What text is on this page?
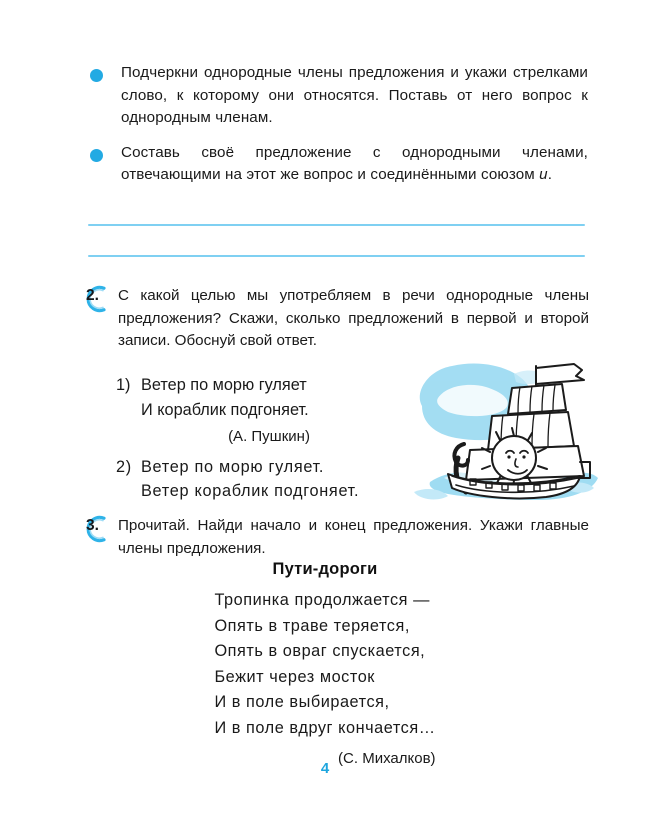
Подчеркни однородные члены предложения и укажи стрелками слово, к которому они относятся. Поставь от него вопрос к однородным членам.
Составь своё предложение с однородными членами, отвечающими на этот же вопрос и соединёнными союзом и.
2. С какой целью мы употребляем в речи однородные члены предложения? Скажи, сколько предложений в первой и второй записи. Обоснуй свой ответ.
1) Ветер по морю гуляет
И кораблик подгоняет.
(А. Пушкин)
2) Ветер по морю гуляет.
Ветер кораблик подгоняет.
3. Прочитай. Найди начало и конец предложения. Укажи главные члены предложения.
Пути-дороги
Тропинка продолжается —
Опять в траве теряется,
Опять в овраг спускается,
Бежит через мосток
И в поле выбирается,
И в поле вдруг кончается…
(С. Михалков)
4
